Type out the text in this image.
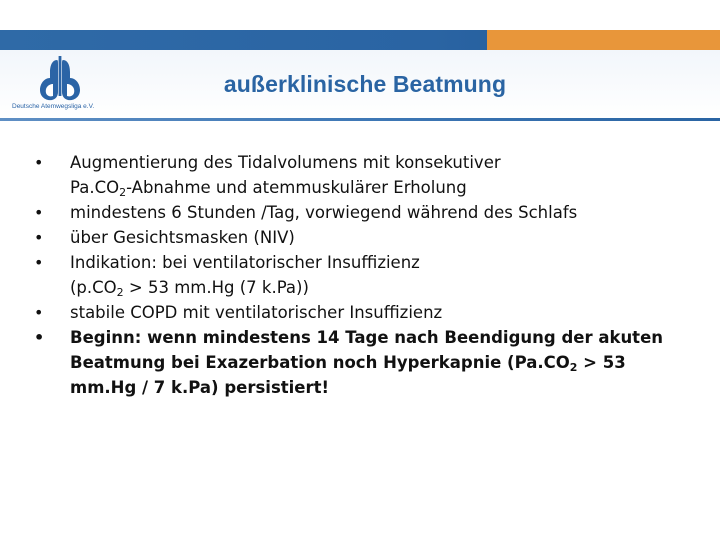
Deutsche Atemwegsliga e.V.
außerklinische Beatmung
•	Augmentierung des Tidalvolumens mit konsekutiver
$Pa.CO_2$-Abnahme und atemmuskulärer Erholung
•	mindestens 6 Stunden /Tag, vorwiegend während des Schlafs
•	über Gesichtsmasken (NIV)
•	Indikation: bei ventilatorischer Insuffizienz
($p.CO_2 > 53$ mm.Hg (7 k.Pa))
•	stabile COPD mit ventilatorischer Insuffizienz
•	Beginn: wenn mindestens 14 Tage nach Beendigung der akuten Beatmung bei Exazerbation noch Hyperkapnie ($Pa.CO_2 > 53$ mm.Hg / 7 k.Pa) persistiert!
